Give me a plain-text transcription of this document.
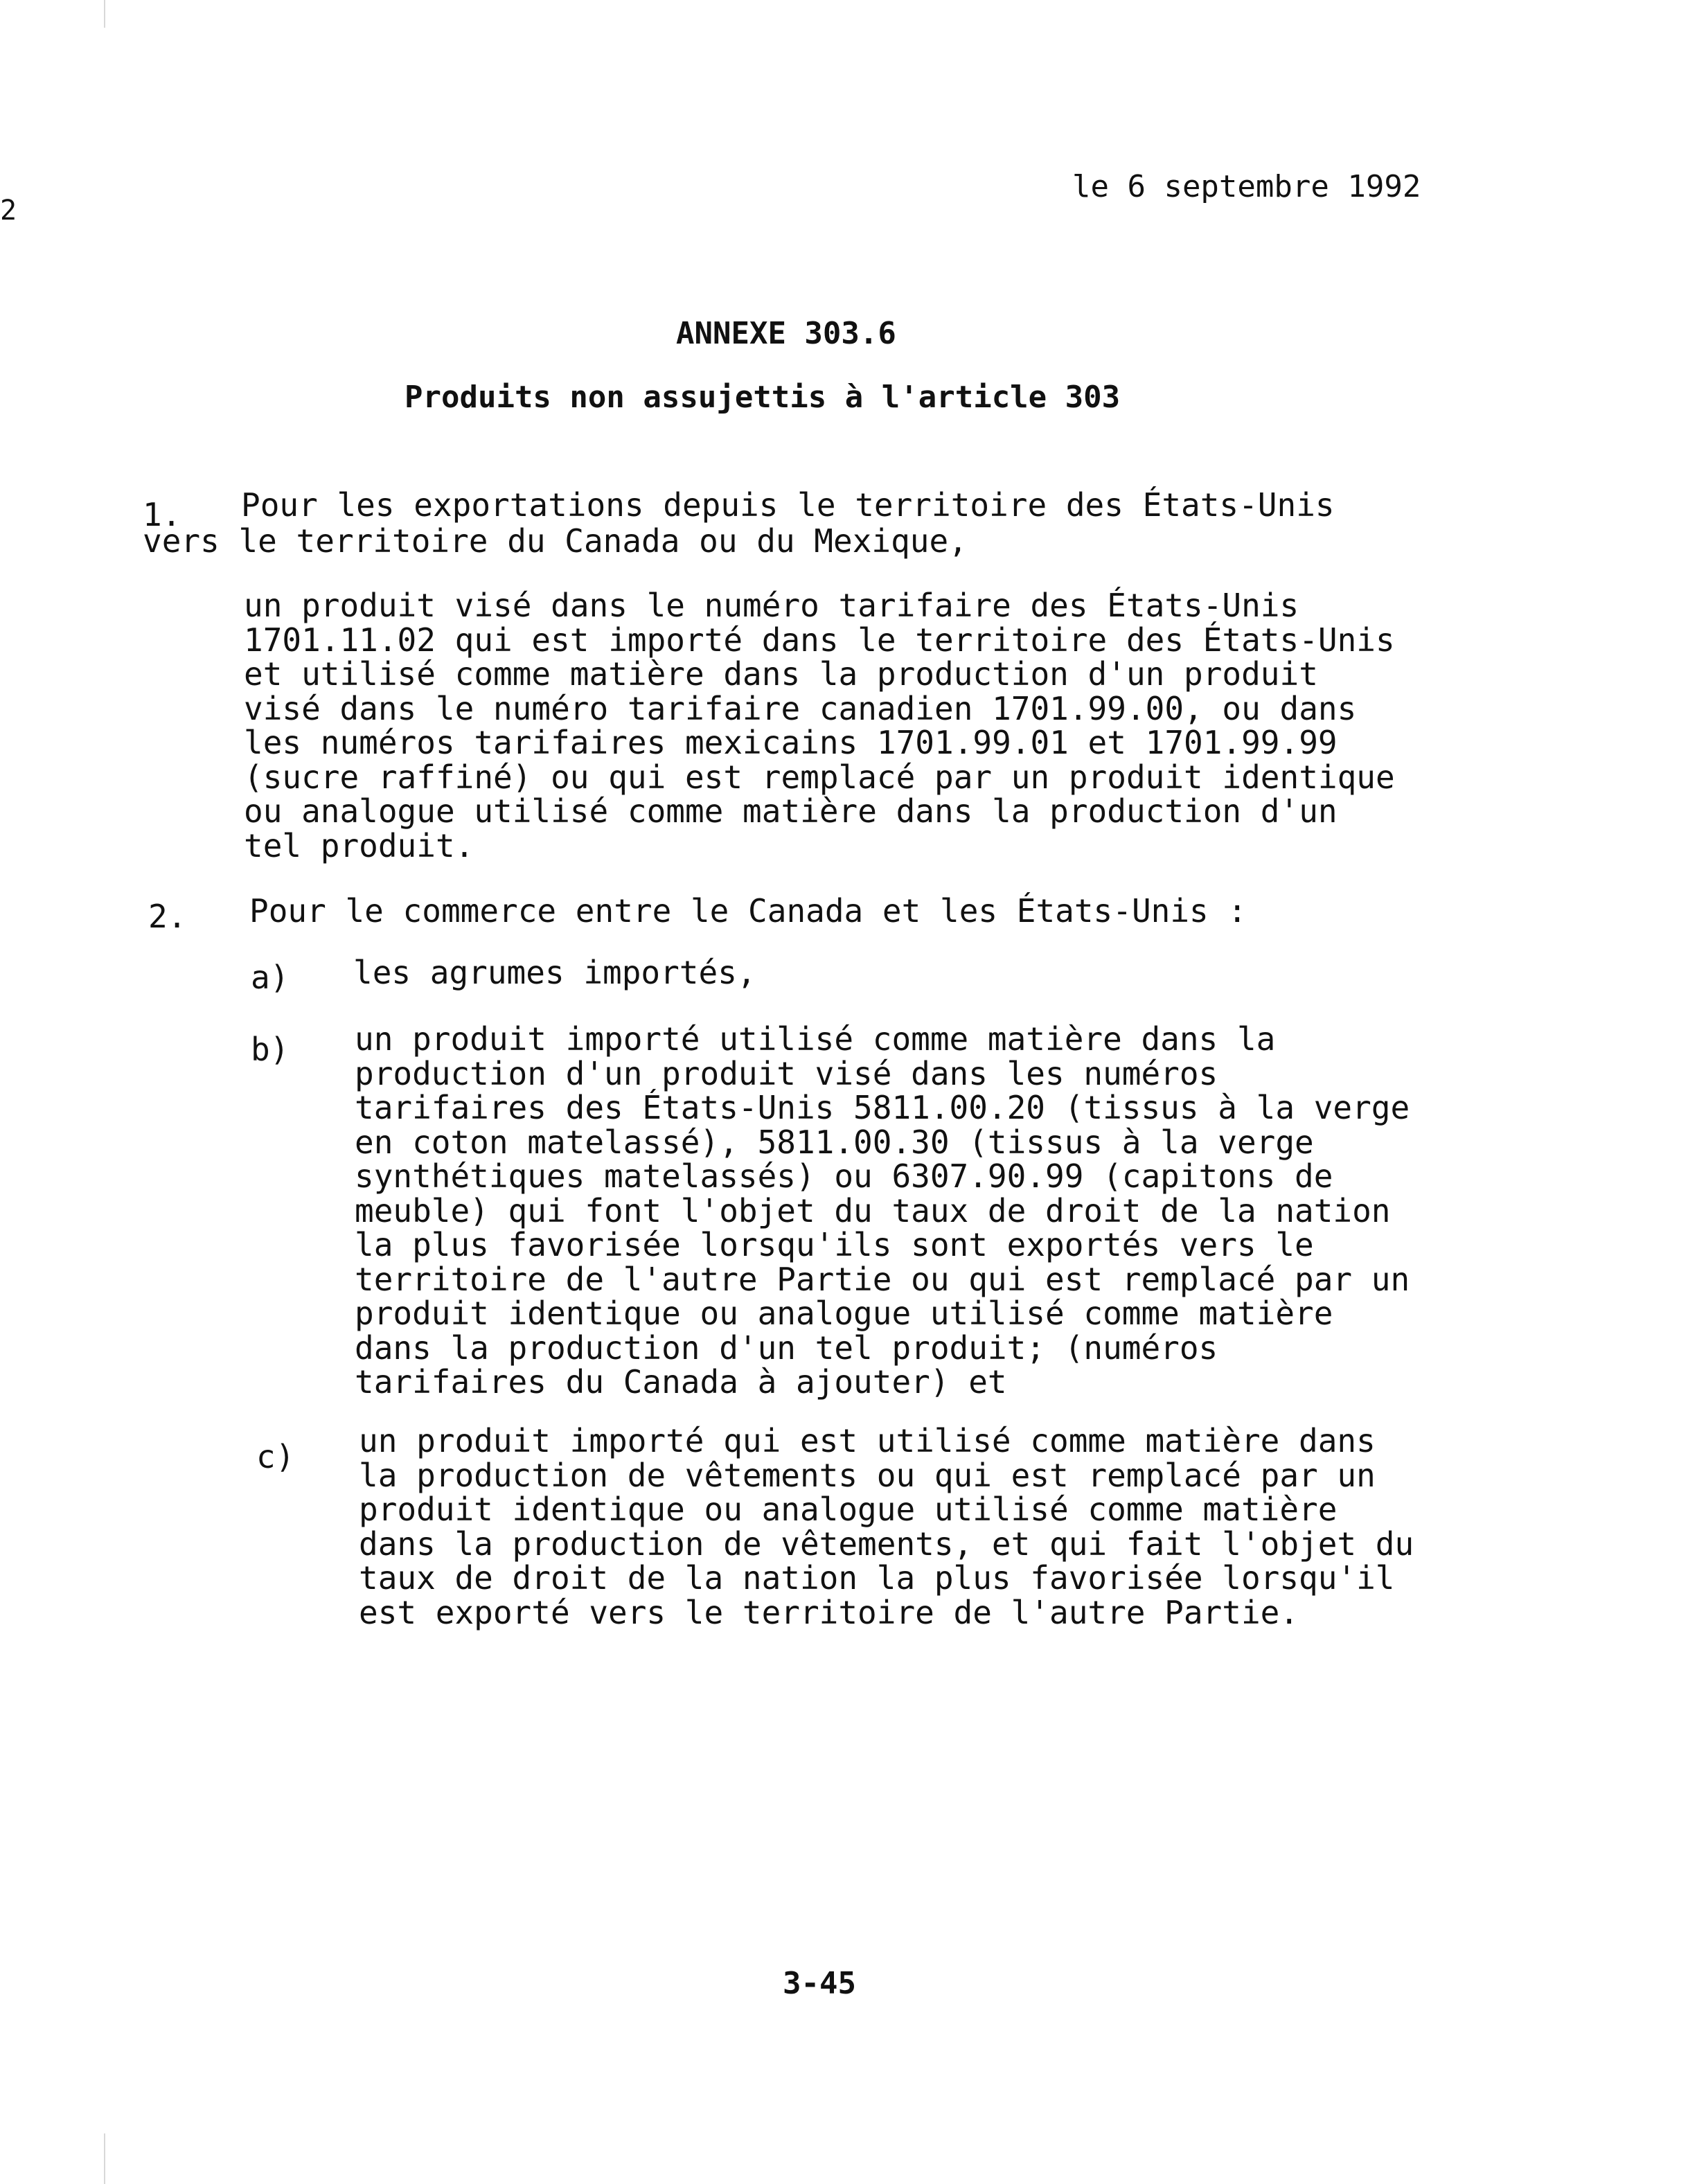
2
le 6 septembre 1992
ANNEXE 303.6
Produits non assujettis à l'article 303
1. Pour les exportations depuis le territoire des États-Unis
vers le territoire du Canada ou du Mexique,
un produit visé dans le numéro tarifaire des États-Unis
1701.11.02 qui est importé dans le territoire des États-Unis
et utilisé comme matière dans la production d'un produit
visé dans le numéro tarifaire canadien 1701.99.00, ou dans
les numéros tarifaires mexicains 1701.99.01 et 1701.99.99
(sucre raffiné) ou qui est remplacé par un produit identique
ou analogue utilisé comme matière dans la production d'un
tel produit.
2. Pour le commerce entre le Canada et les États-Unis :
a) les agrumes importés,
b) un produit importé utilisé comme matière dans la
production d'un produit visé dans les numéros
tarifaires des États-Unis 5811.00.20 (tissus à la verge
en coton matelassé), 5811.00.30 (tissus à la verge
synthétiques matelassés) ou 6307.90.99 (capitons de
meuble) qui font l'objet du taux de droit de la nation
la plus favorisée lorsqu'ils sont exportés vers le
territoire de l'autre Partie ou qui est remplacé par un
produit identique ou analogue utilisé comme matière
dans la production d'un tel produit; (numéros
tarifaires du Canada à ajouter) et
c) un produit importé qui est utilisé comme matière dans
la production de vêtements ou qui est remplacé par un
produit identique ou analogue utilisé comme matière
dans la production de vêtements, et qui fait l'objet du
taux de droit de la nation la plus favorisée lorsqu'il
est exporté vers le territoire de l'autre Partie.
3-45
